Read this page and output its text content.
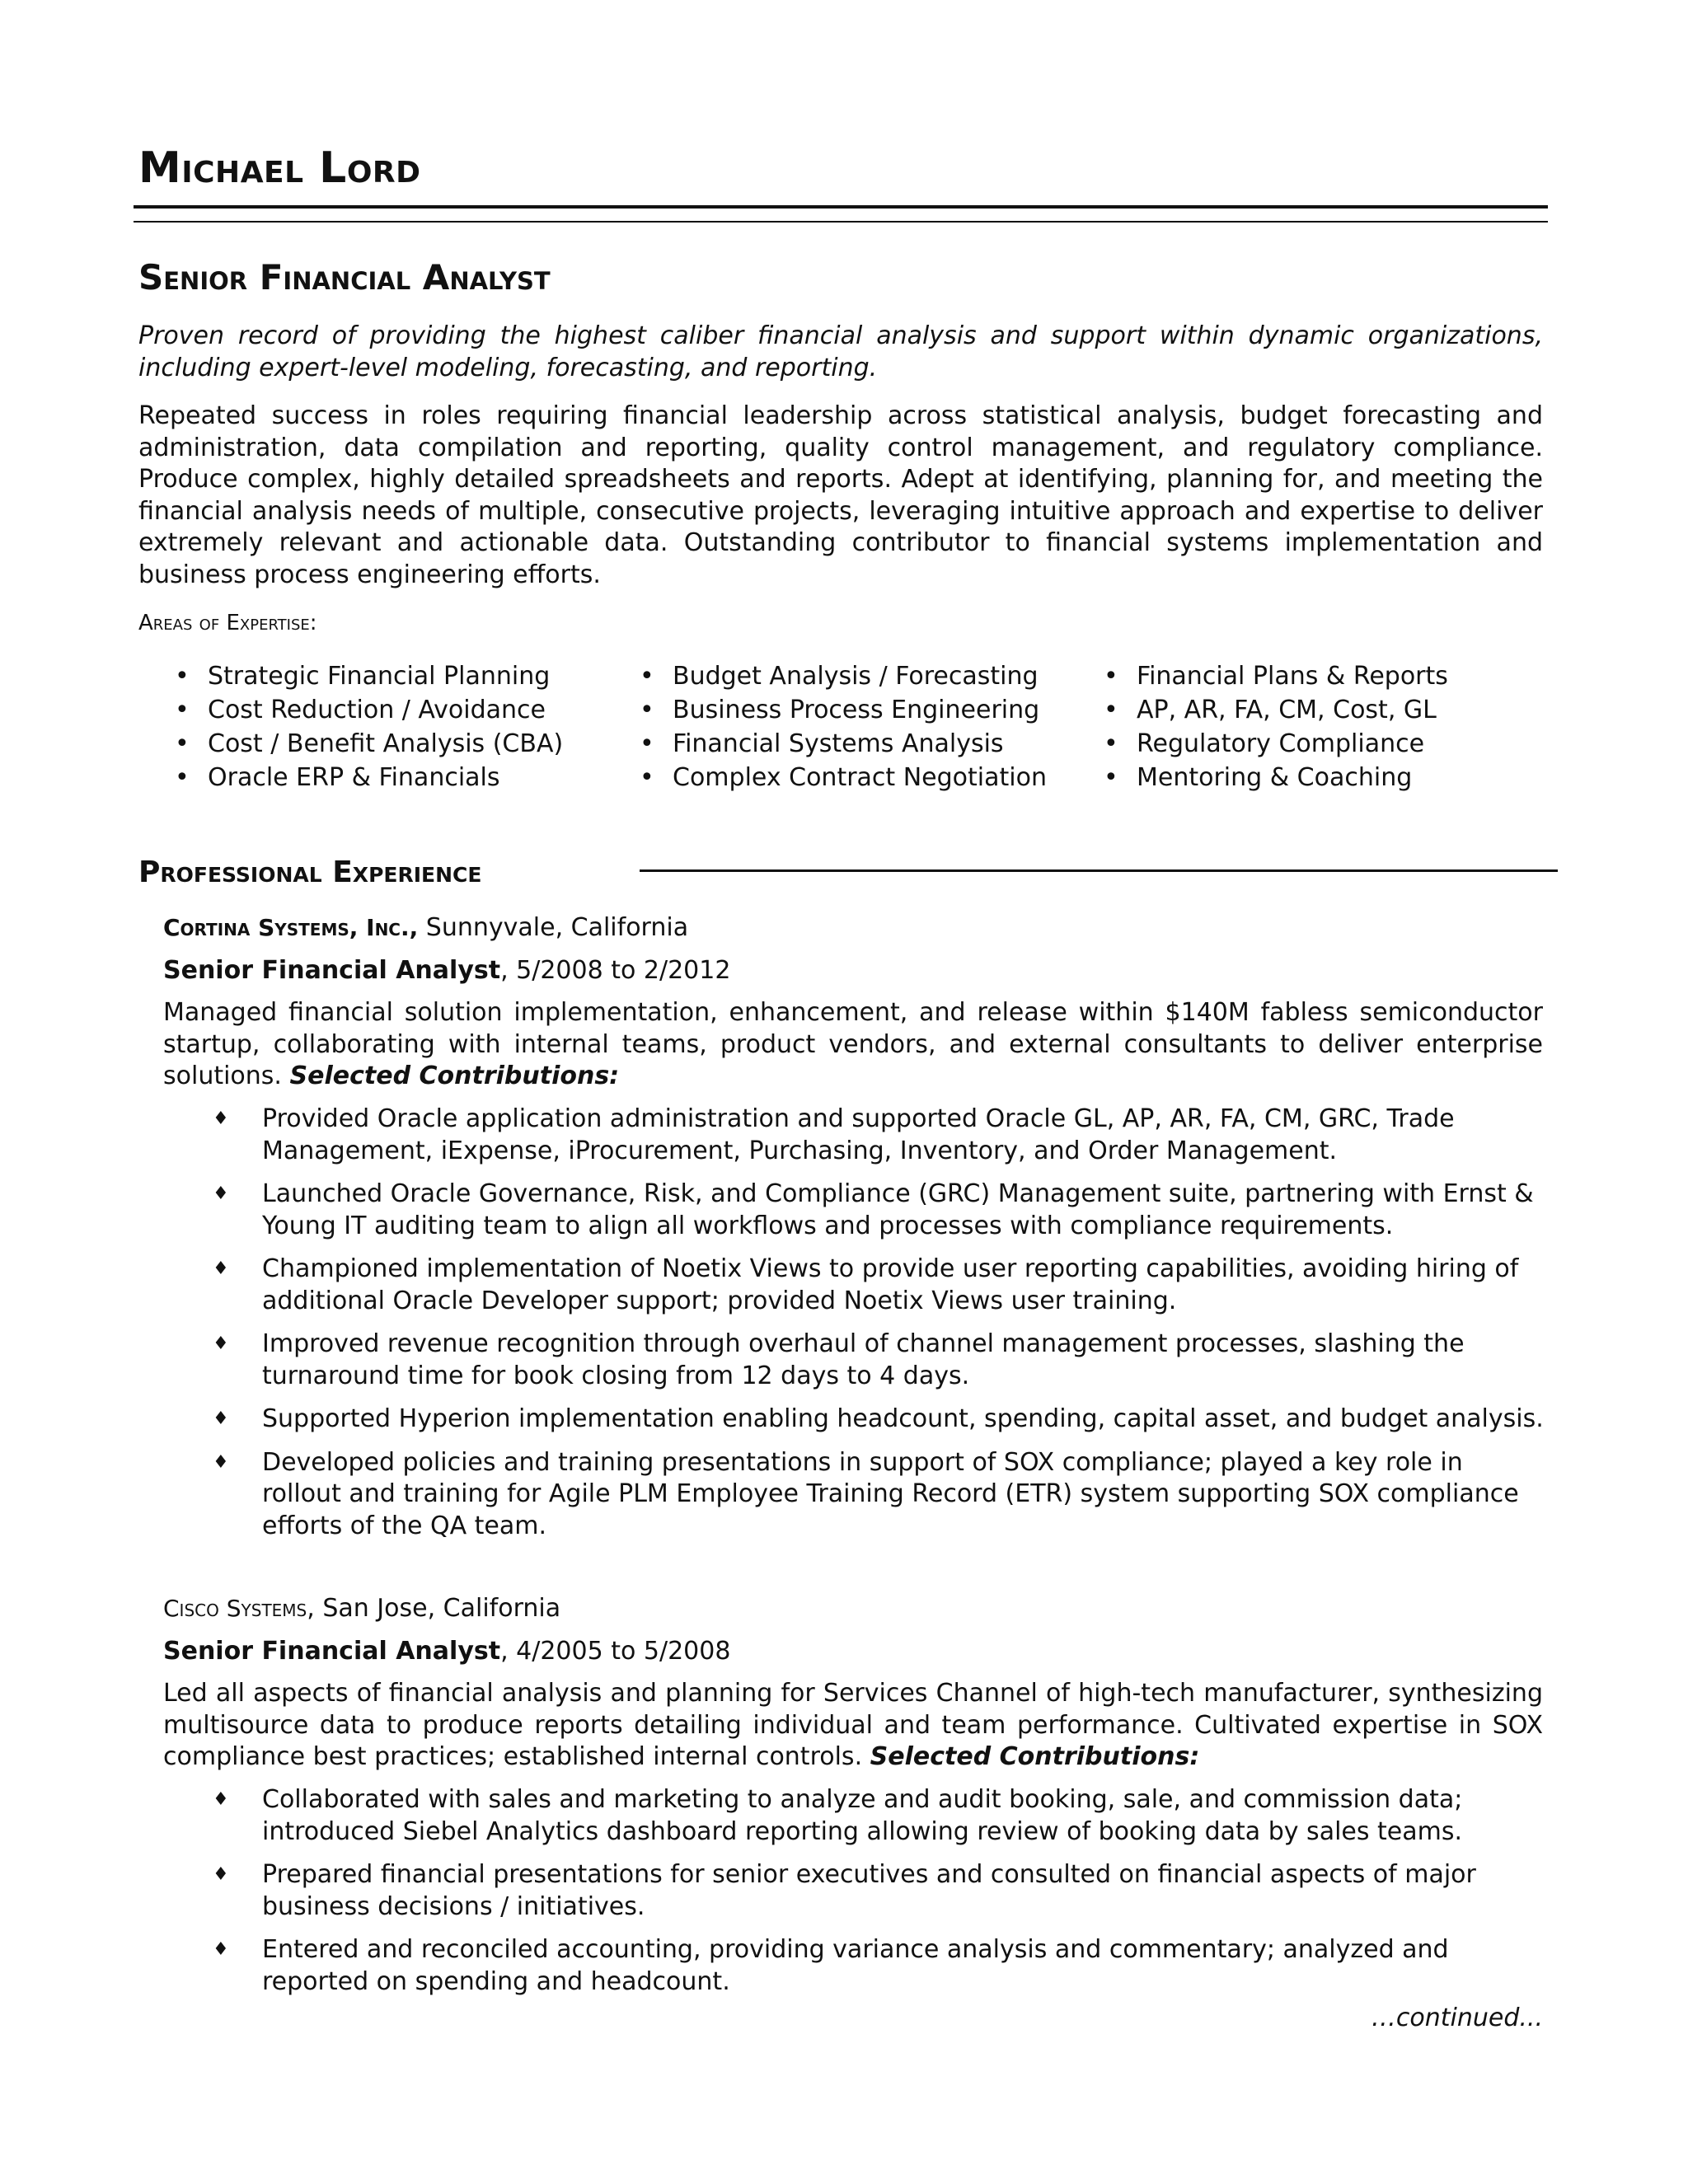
Michael Lord
Senior Financial Analyst
Proven record of providing the highest caliber financial analysis and support within dynamic organizations, including expert-level modeling, forecasting, and reporting.
Repeated success in roles requiring financial leadership across statistical analysis, budget forecasting and administration, data compilation and reporting, quality control management, and regulatory compliance. Produce complex, highly detailed spreadsheets and reports. Adept at identifying, planning for, and meeting the financial analysis needs of multiple, consecutive projects, leveraging intuitive approach and expertise to deliver extremely relevant and actionable data. Outstanding contributor to financial systems implementation and business process engineering efforts.
Areas of Expertise:
• Strategic Financial Planning
• Cost Reduction / Avoidance
• Cost / Benefit Analysis (CBA)
• Oracle ERP & Financials
• Budget Analysis / Forecasting
• Business Process Engineering
• Financial Systems Analysis
• Complex Contract Negotiation
• Financial Plans & Reports
• AP, AR, FA, CM, Cost, GL
• Regulatory Compliance
• Mentoring & Coaching
Professional Experience
Cortina Systems, Inc., Sunnyvale, California
Senior Financial Analyst, 5/2008 to 2/2012
Managed financial solution implementation, enhancement, and release within $140M fabless semiconductor startup, collaborating with internal teams, product vendors, and external consultants to deliver enterprise solutions. Selected Contributions:
♦ Provided Oracle application administration and supported Oracle GL, AP, AR, FA, CM, GRC, Trade Management, iExpense, iProcurement, Purchasing, Inventory, and Order Management.
♦ Launched Oracle Governance, Risk, and Compliance (GRC) Management suite, partnering with Ernst & Young IT auditing team to align all workflows and processes with compliance requirements.
♦ Championed implementation of Noetix Views to provide user reporting capabilities, avoiding hiring of additional Oracle Developer support; provided Noetix Views user training.
♦ Improved revenue recognition through overhaul of channel management processes, slashing the turnaround time for book closing from 12 days to 4 days.
♦ Supported Hyperion implementation enabling headcount, spending, capital asset, and budget analysis.
♦ Developed policies and training presentations in support of SOX compliance; played a key role in rollout and training for Agile PLM Employee Training Record (ETR) system supporting SOX compliance efforts of the QA team.
Cisco Systems, San Jose, California
Senior Financial Analyst, 4/2005 to 5/2008
Led all aspects of financial analysis and planning for Services Channel of high-tech manufacturer, synthesizing multisource data to produce reports detailing individual and team performance. Cultivated expertise in SOX compliance best practices; established internal controls. Selected Contributions:
♦ Collaborated with sales and marketing to analyze and audit booking, sale, and commission data; introduced Siebel Analytics dashboard reporting allowing review of booking data by sales teams.
♦ Prepared financial presentations for senior executives and consulted on financial aspects of major business decisions / initiatives.
♦ Entered and reconciled accounting, providing variance analysis and commentary; analyzed and reported on spending and headcount.
…continued...
